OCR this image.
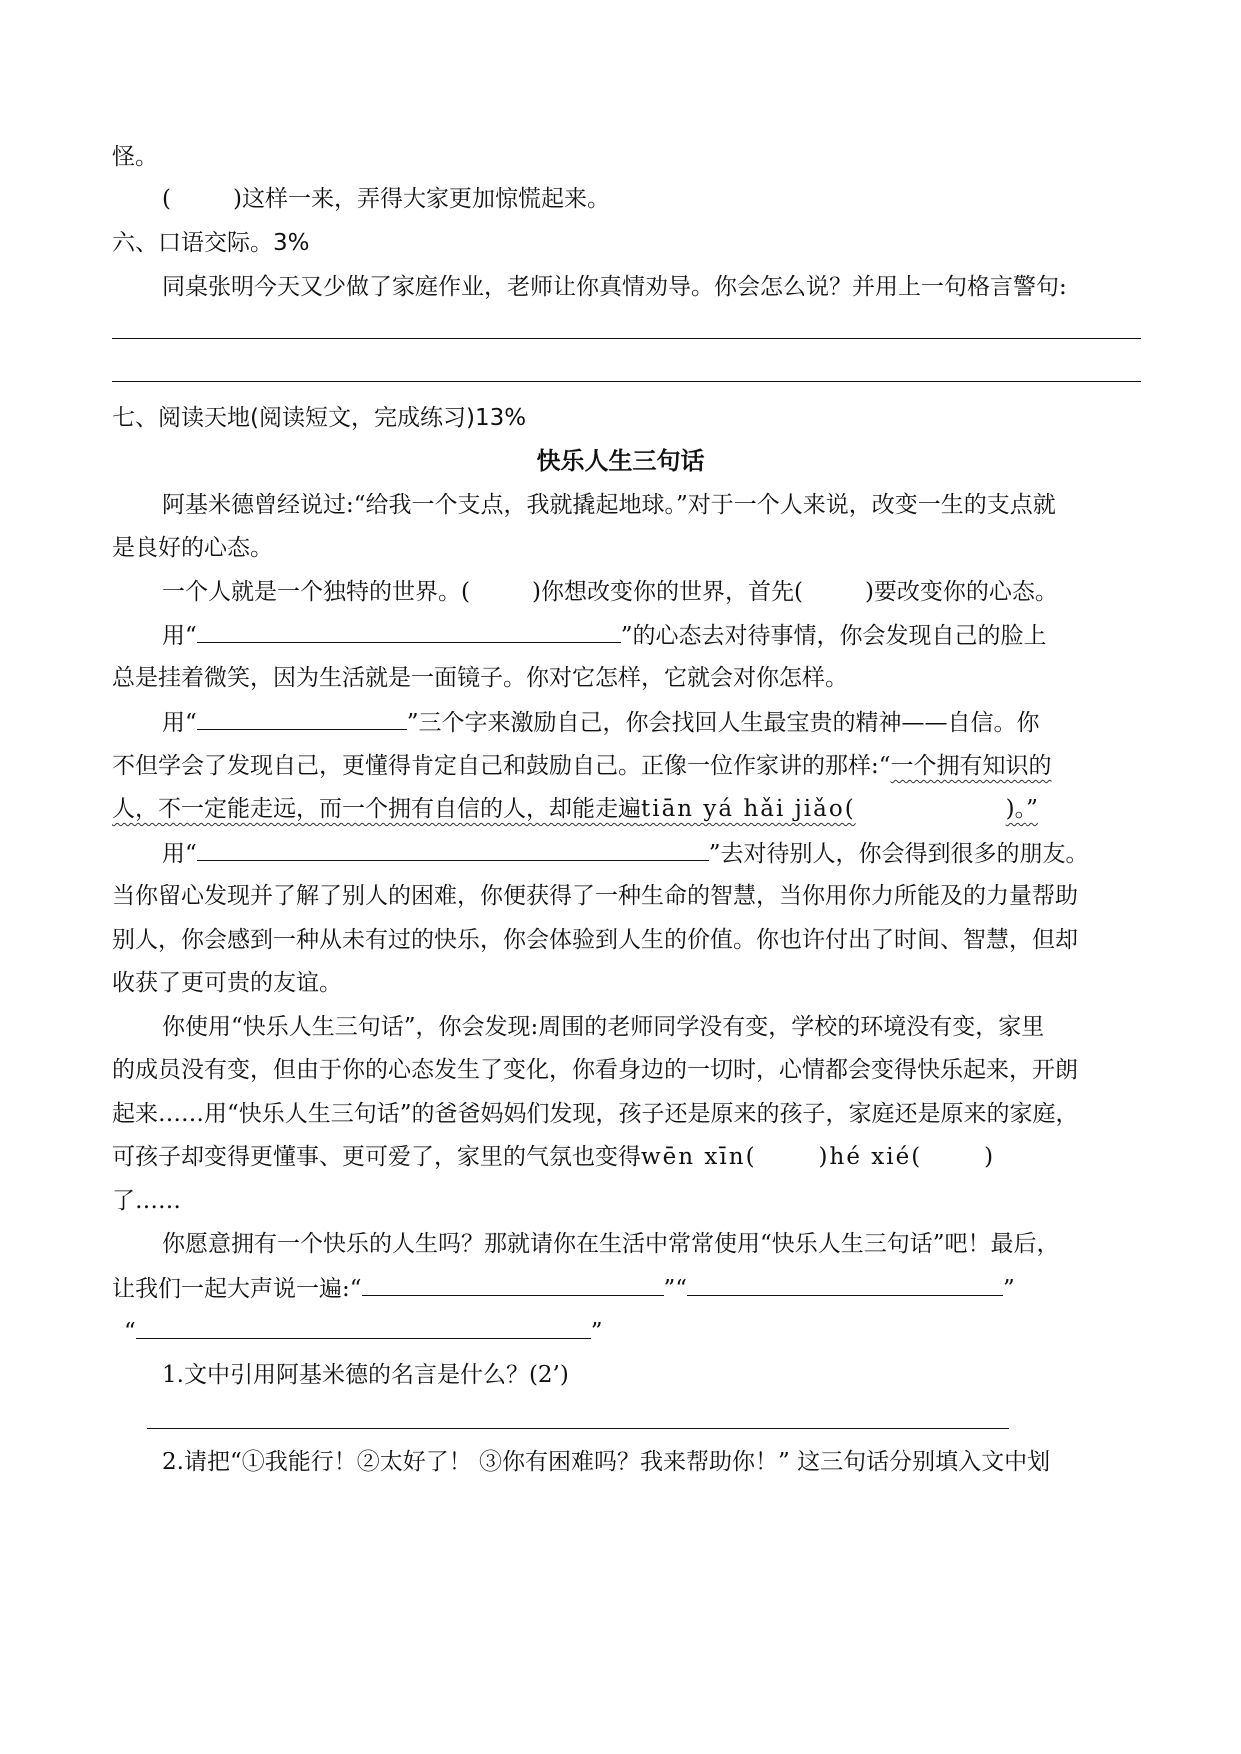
怪。
(	)这样一来，弄得大家更加惊慌起来。
六、口语交际。3%
同桌张明今天又少做了家庭作业，老师让你真情劝导。你会怎么说？并用上一句格言警句:
七、阅读天地(阅读短文，完成练习)13%
快乐人生三句话
阿基米德曾经说过:“给我一个支点，我就撬起地球。”对于一个人来说，改变一生的支点就
是良好的心态。
一个人就是一个独特的世界。(	)你想改变你的世界，首先(	)要改变你的心态。
用“	”的心态去对待事情，你会发现自己的脸上
总是挂着微笑，因为生活就是一面镜子。你对它怎样，它就会对你怎样。
用“	”三个字来激励自己，你会找回人生最宝贵的精神——自信。你
不但学会了发现自己，更懂得肯定自己和鼓励自己。正像一位作家讲的那样:“一个拥有知识的
人，不一定能走远，而一个拥有自信的人，却能走遍tiān yá hǎi jiǎo(	)。”
用“	”去对待别人，你会得到很多的朋友。
当你留心发现并了解了别人的困难，你便获得了一种生命的智慧，当你用你力所能及的力量帮助
别人，你会感到一种从未有过的快乐，你会体验到人生的价值。你也许付出了时间、智慧，但却
收获了更可贵的友谊。
你使用“快乐人生三句话”，你会发现:周围的老师同学没有变，学校的环境没有变，家里
的成员没有变，但由于你的心态发生了变化，你看身边的一切时，心情都会变得快乐起来，开朗
起来……用“快乐人生三句话”的爸爸妈妈们发现，孩子还是原来的孩子，家庭还是原来的家庭，
可孩子却变得更懂事、更可爱了，家里的气氛也变得wēn xīn(	)hé xié(	)
了……
你愿意拥有一个快乐的人生吗？那就请你在生活中常常使用“快乐人生三句话”吧！最后，
让我们一起大声说一遍:“	”“	”
“	”
1.文中引用阿基米德的名言是什么？(2’)
2.请把“①我能行！②太好了！ ③你有困难吗？我来帮助你！” 这三句话分别填入文中划
